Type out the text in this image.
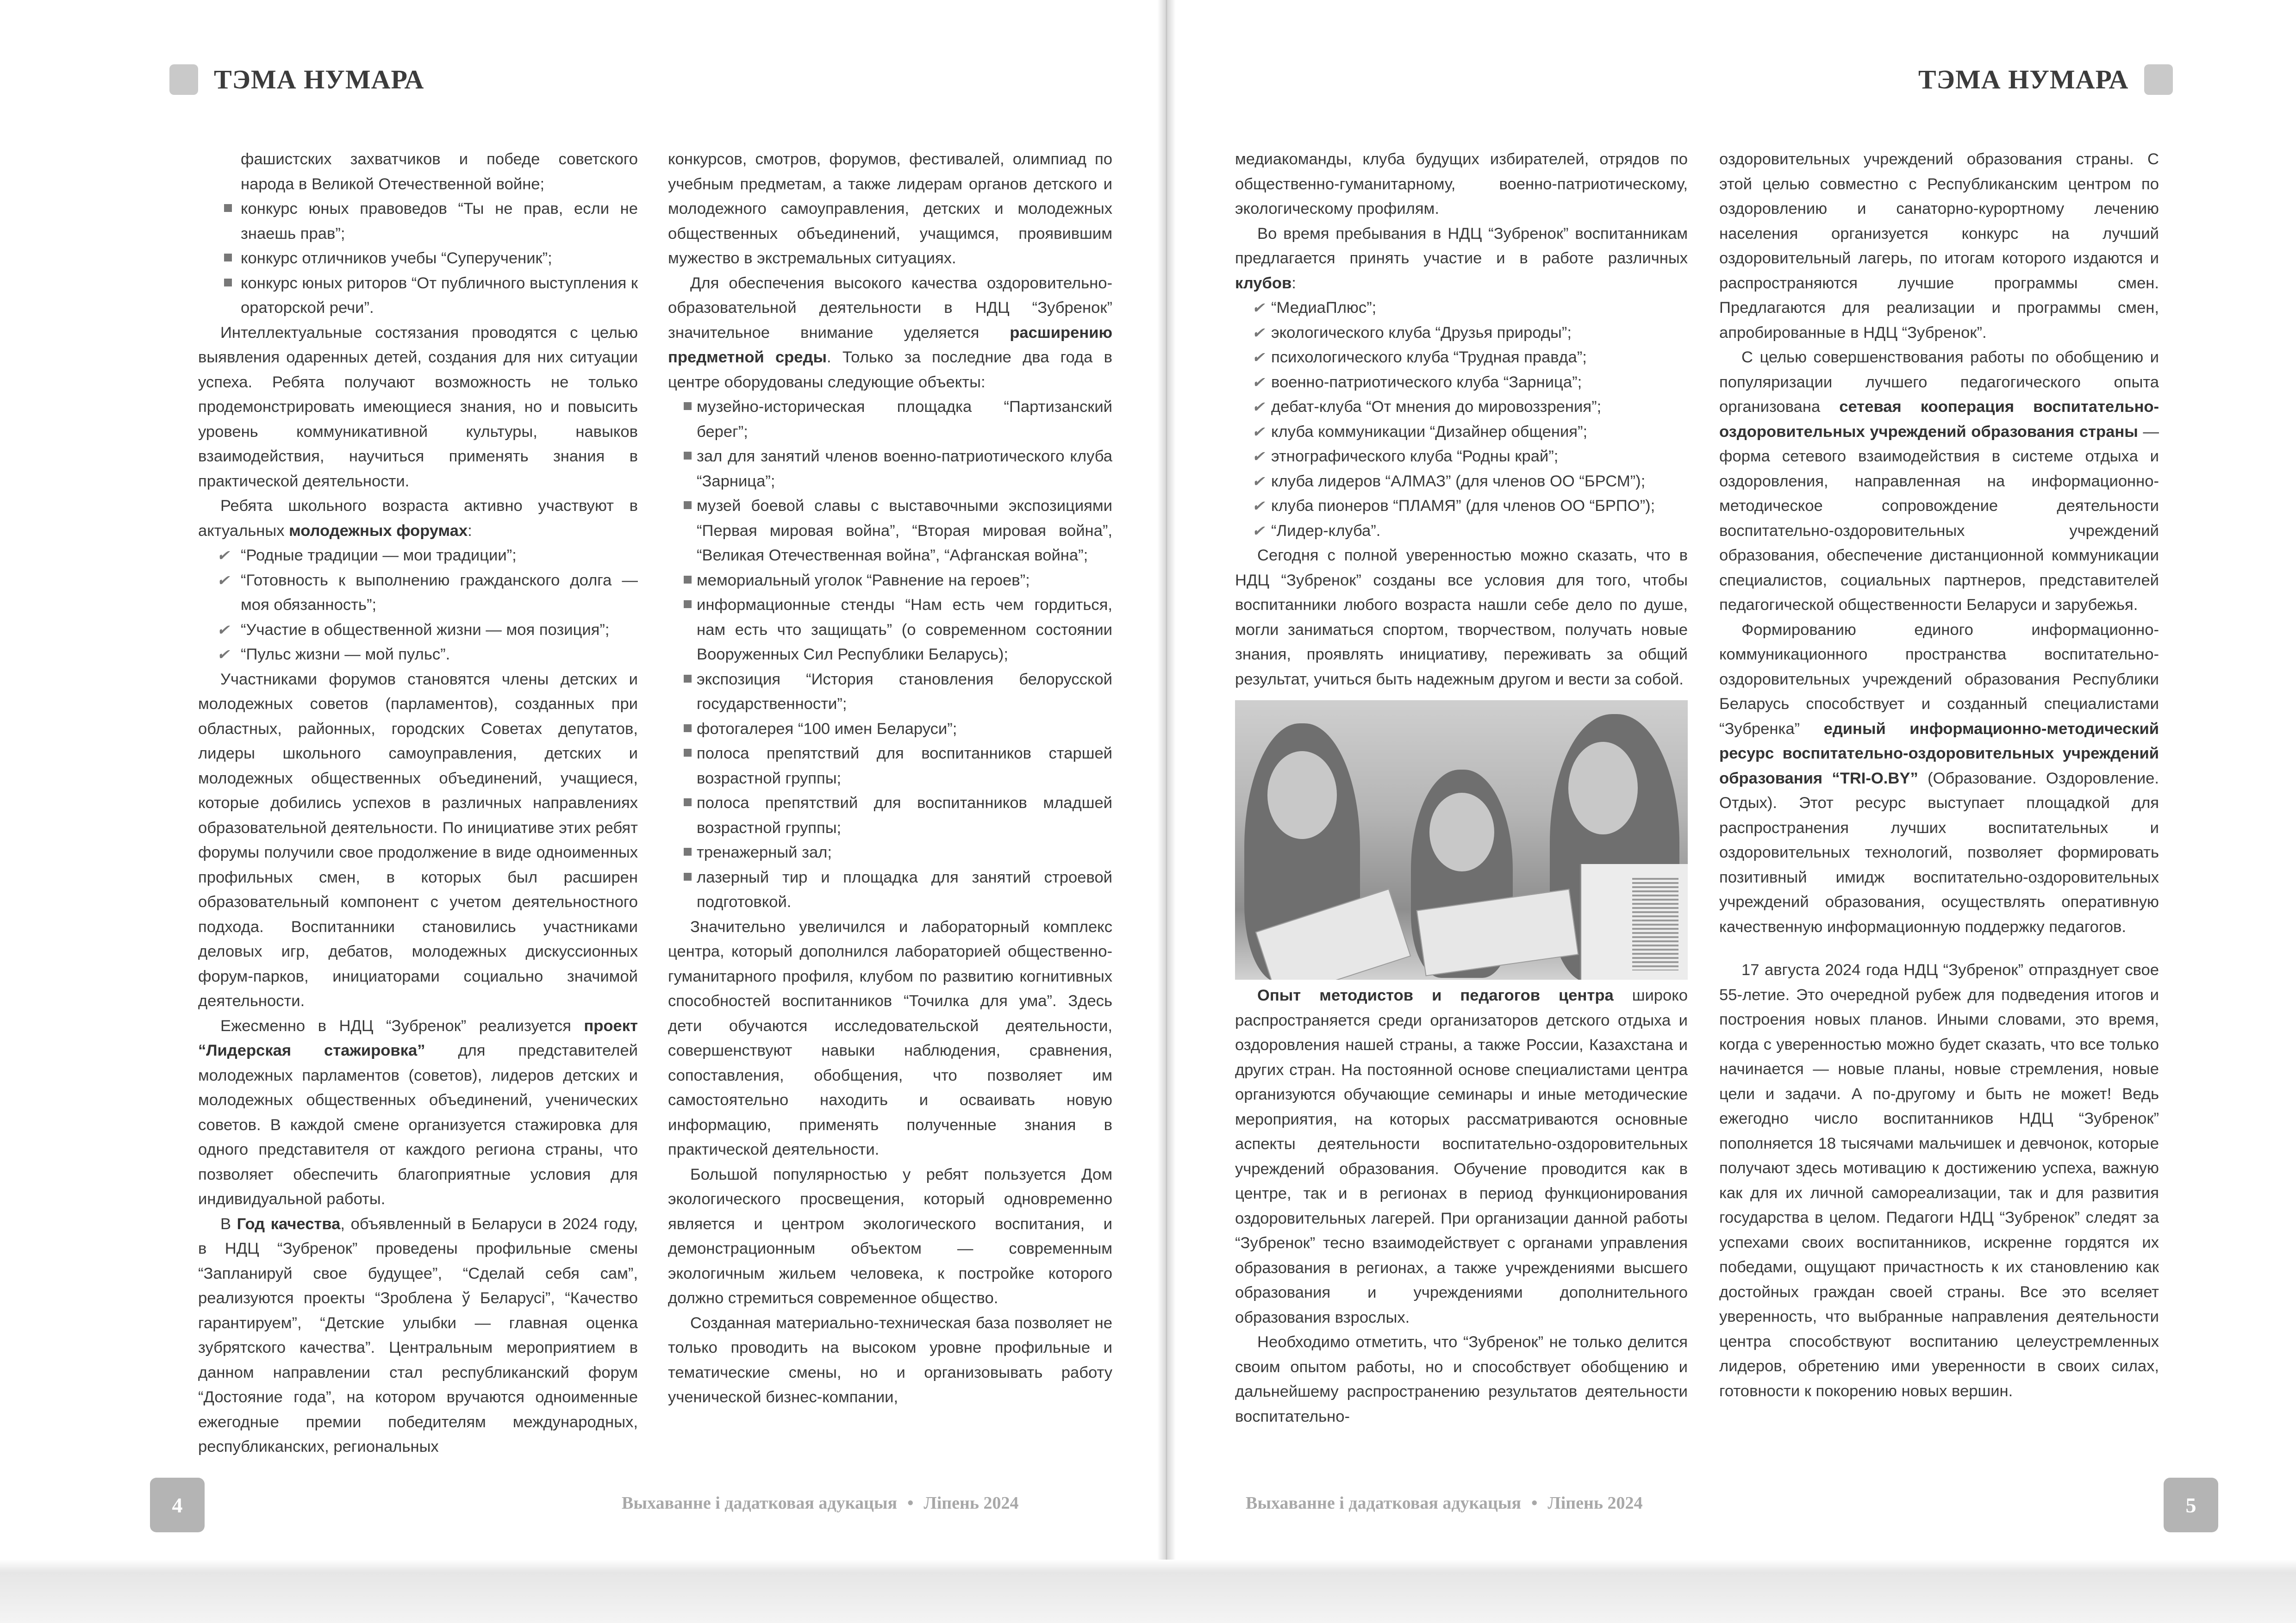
ТЭМА НУМАРА	ТЭМА НУМАРА

фашистских захватчиков и победе советского народа в Великой Отечественной войне;

конкурс юных правоведов “Ты не прав, если не знаешь прав”;
конкурс отличников учебы “Суперученик”;
конкурс юных риторов “От публичного выступления к ораторской речи”.

Интеллектуальные состязания проводятся с целью выявления одаренных детей, создания для них ситуации успеха. Ребята получают возможность не только продемонстрировать имеющиеся знания, но и повысить уровень коммуникативной культуры, навыков взаимодействия, научиться применять знания в практической деятельности.

Ребята школьного возраста активно участвуют в актуальных молодежных форумах:

✔ “Родные традиции — мои традиции”;
✔ “Готовность к выполнению гражданского долга — моя обязанность”;
✔ “Участие в общественной жизни — моя позиция”;
✔ “Пульс жизни — мой пульс”.

Участниками форумов становятся члены детских и молодежных советов (парламентов), созданных при областных, районных, городских Советах депутатов, лидеры школьного самоуправления, детских и молодежных общественных объединений, учащиеся, которые добились успехов в различных направлениях образовательной деятельности. По инициативе этих ребят форумы получили свое продолжение в виде одноименных профильных смен, в которых был расширен образовательный компонент с учетом деятельностного подхода. Воспитанники становились участниками деловых игр, дебатов, молодежных дискуссионных форум-парков, инициаторами социально значимой деятельности.

Ежесменно в НДЦ “Зубренок” реализуется проект “Лидерская стажировка” для представителей молодежных парламентов (советов), лидеров детских и молодежных общественных объединений, ученических советов. В каждой смене организуется стажировка для одного представителя от каждого региона страны, что позволяет обеспечить благоприятные условия для индивидуальной работы.

В Год качества, объявленный в Беларуси в 2024 году, в НДЦ “Зубренок” проведены профильные смены “Запланируй свое будущее”, “Сделай себя сам”, реализуются проекты “Зроблена ў Беларусі”, “Качество гарантируем”, “Детские улыбки — главная оценка зубрятского качества”. Центральным мероприятием в данном направлении стал республиканский форум “Достояние года”, на котором вручаются одноименные ежегодные премии победителям международных, республиканских, региональных

конкурсов, смотров, форумов, фестивалей, олимпиад по учебным предметам, а также лидерам органов детского и молодежного самоуправления, детских и молодежных общественных объединений, учащимся, проявившим мужество в экстремальных ситуациях.

Для обеспечения высокого качества оздоровительно-образовательной деятельности в НДЦ “Зубренок” значительное внимание уделяется расширению предметной среды. Только за последние два года в центре оборудованы следующие объекты:

музейно-историческая площадка “Партизанский берег”;
зал для занятий членов военно-патриотического клуба “Зарница”;
музей боевой славы с выставочными экспозициями “Первая мировая война”, “Вторая мировая война”, “Великая Отечественная война”, “Афганская война”;
мемориальный уголок “Равнение на героев”;
информационные стенды “Нам есть чем гордиться, нам есть что защищать” (о современном состоянии Вооруженных Сил Республики Беларусь);
экспозиция “История становления белорусской государственности”;
фотогалерея “100 имен Беларуси”;
полоса препятствий для воспитанников старшей возрастной группы;
полоса препятствий для воспитанников младшей возрастной группы;
тренажерный зал;
лазерный тир и площадка для занятий строевой подготовкой.

Значительно увеличился и лабораторный комплекс центра, который дополнился лабораторией общественно-гуманитарного профиля, клубом по развитию когнитивных способностей воспитанников “Точилка для ума”. Здесь дети обучаются исследовательской деятельности, совершенствуют навыки наблюдения, сравнения, сопоставления, обобщения, что позволяет им самостоятельно находить и осваивать новую информацию, применять полученные знания в практической деятельности.

Большой популярностью у ребят пользуется Дом экологического просвещения, который одновременно является и центром экологического воспитания, и демонстрационным объектом — современным экологичным жильем человека, к постройке которого должно стремиться современное общество.

Созданная материально-техническая база позволяет не только проводить на высоком уровне профильные и тематические смены, но и организовывать работу ученической бизнес-компании,

медиакоманды, клуба будущих избирателей, отрядов по общественно-гуманитарному, военно-патриотическому, экологическому профилям.

Во время пребывания в НДЦ “Зубренок” воспитанникам предлагается принять участие и в работе различных клубов:

✔ “МедиаПлюс”;
✔ экологического клуба “Друзья природы”;
✔ психологического клуба “Трудная правда”;
✔ военно-патриотического клуба “Зарница”;
✔ дебат-клуба “От мнения до мировоззрения”;
✔ клуба коммуникации “Дизайнер общения”;
✔ этнографического клуба “Родны край”;
✔ клуба лидеров “АЛМАЗ” (для членов ОО “БРСМ”);
✔ клуба пионеров “ПЛАМЯ” (для членов ОО “БРПО”);
✔ “Лидер-клуба”.

Сегодня с полной уверенностью можно сказать, что в НДЦ “Зубренок” созданы все условия для того, чтобы воспитанники любого возраста нашли себе дело по душе, могли заниматься спортом, творчеством, получать новые знания, проявлять инициативу, переживать за общий результат, учиться быть надежным другом и вести за собой.

Опыт методистов и педагогов центра широко распространяется среди организаторов детского отдыха и оздоровления нашей страны, а также России, Казахстана и других стран. На постоянной основе специалистами центра организуются обучающие семинары и иные методические мероприятия, на которых рассматриваются основные аспекты деятельности воспитательно-оздоровительных учреждений образования. Обучение проводится как в центре, так и в регионах в период функционирования оздоровительных лагерей. При организации данной работы “Зубренок” тесно взаимодействует с органами управления образования в регионах, а также учреждениями высшего образования и учреждениями дополнительного образования взрослых.

Необходимо отметить, что “Зубренок” не только делится своим опытом работы, но и способствует обобщению и дальнейшему распространению результатов деятельности воспитательно-

оздоровительных учреждений образования страны. С этой целью совместно с Республиканским центром по оздоровлению и санаторно-курортному лечению населения организуется конкурс на лучший оздоровительный лагерь, по итогам которого издаются и распространяются лучшие программы смен. Предлагаются для реализации и программы смен, апробированные в НДЦ “Зубренок”.

С целью совершенствования работы по обобщению и популяризации лучшего педагогического опыта организована сетевая кооперация воспитательно-оздоровительных учреждений образования страны — форма сетевого взаимодействия в системе отдыха и оздоровления, направленная на информационно-методическое сопровождение деятельности воспитательно-оздоровительных учреждений образования, обеспечение дистанционной коммуникации специалистов, социальных партнеров, представителей педагогической общественности Беларуси и зарубежья.

Формированию единого информационно-коммуникационного пространства воспитательно-оздоровительных учреждений образования Республики Беларусь способствует и созданный специалистами “Зубренка” единый информационно-методический ресурс воспитательно-оздоровительных учреждений образования “TRI-O.BY” (Образование. Оздоровление. Отдых). Этот ресурс выступает площадкой для распространения лучших воспитательных и оздоровительных технологий, позволяет формировать позитивный имидж воспитательно-оздоровительных учреждений образования, осуществлять оперативную качественную информационную поддержку педагогов.

17 августа 2024 года НДЦ “Зубренок” отпразднует свое 55-летие. Это очередной рубеж для подведения итогов и построения новых планов. Иными словами, это время, когда с уверенностью можно будет сказать, что все только начинается — новые планы, новые стремления, новые цели и задачи. А по-другому и быть не может! Ведь ежегодно число воспитанников НДЦ “Зубренок” пополняется 18 тысячами мальчишек и девчонок, которые получают здесь мотивацию к достижению успеха, важную как для их личной самореализации, так и для развития государства в целом. Педагоги НДЦ “Зубренок” следят за успехами своих воспитанников, искренне гордятся их победами, ощущают причастность к их становлению как достойных граждан своей страны. Все это вселяет уверенность, что выбранные направления деятельности центра способствуют воспитанию целеустремленных лидеров, обретению ими уверенности в своих силах, готовности к покорению новых вершин.

4	Выхаванне і дадатковая адукацыя • Ліпень 2024	Выхаванне і дадатковая адукацыя • Ліпень 2024	5
